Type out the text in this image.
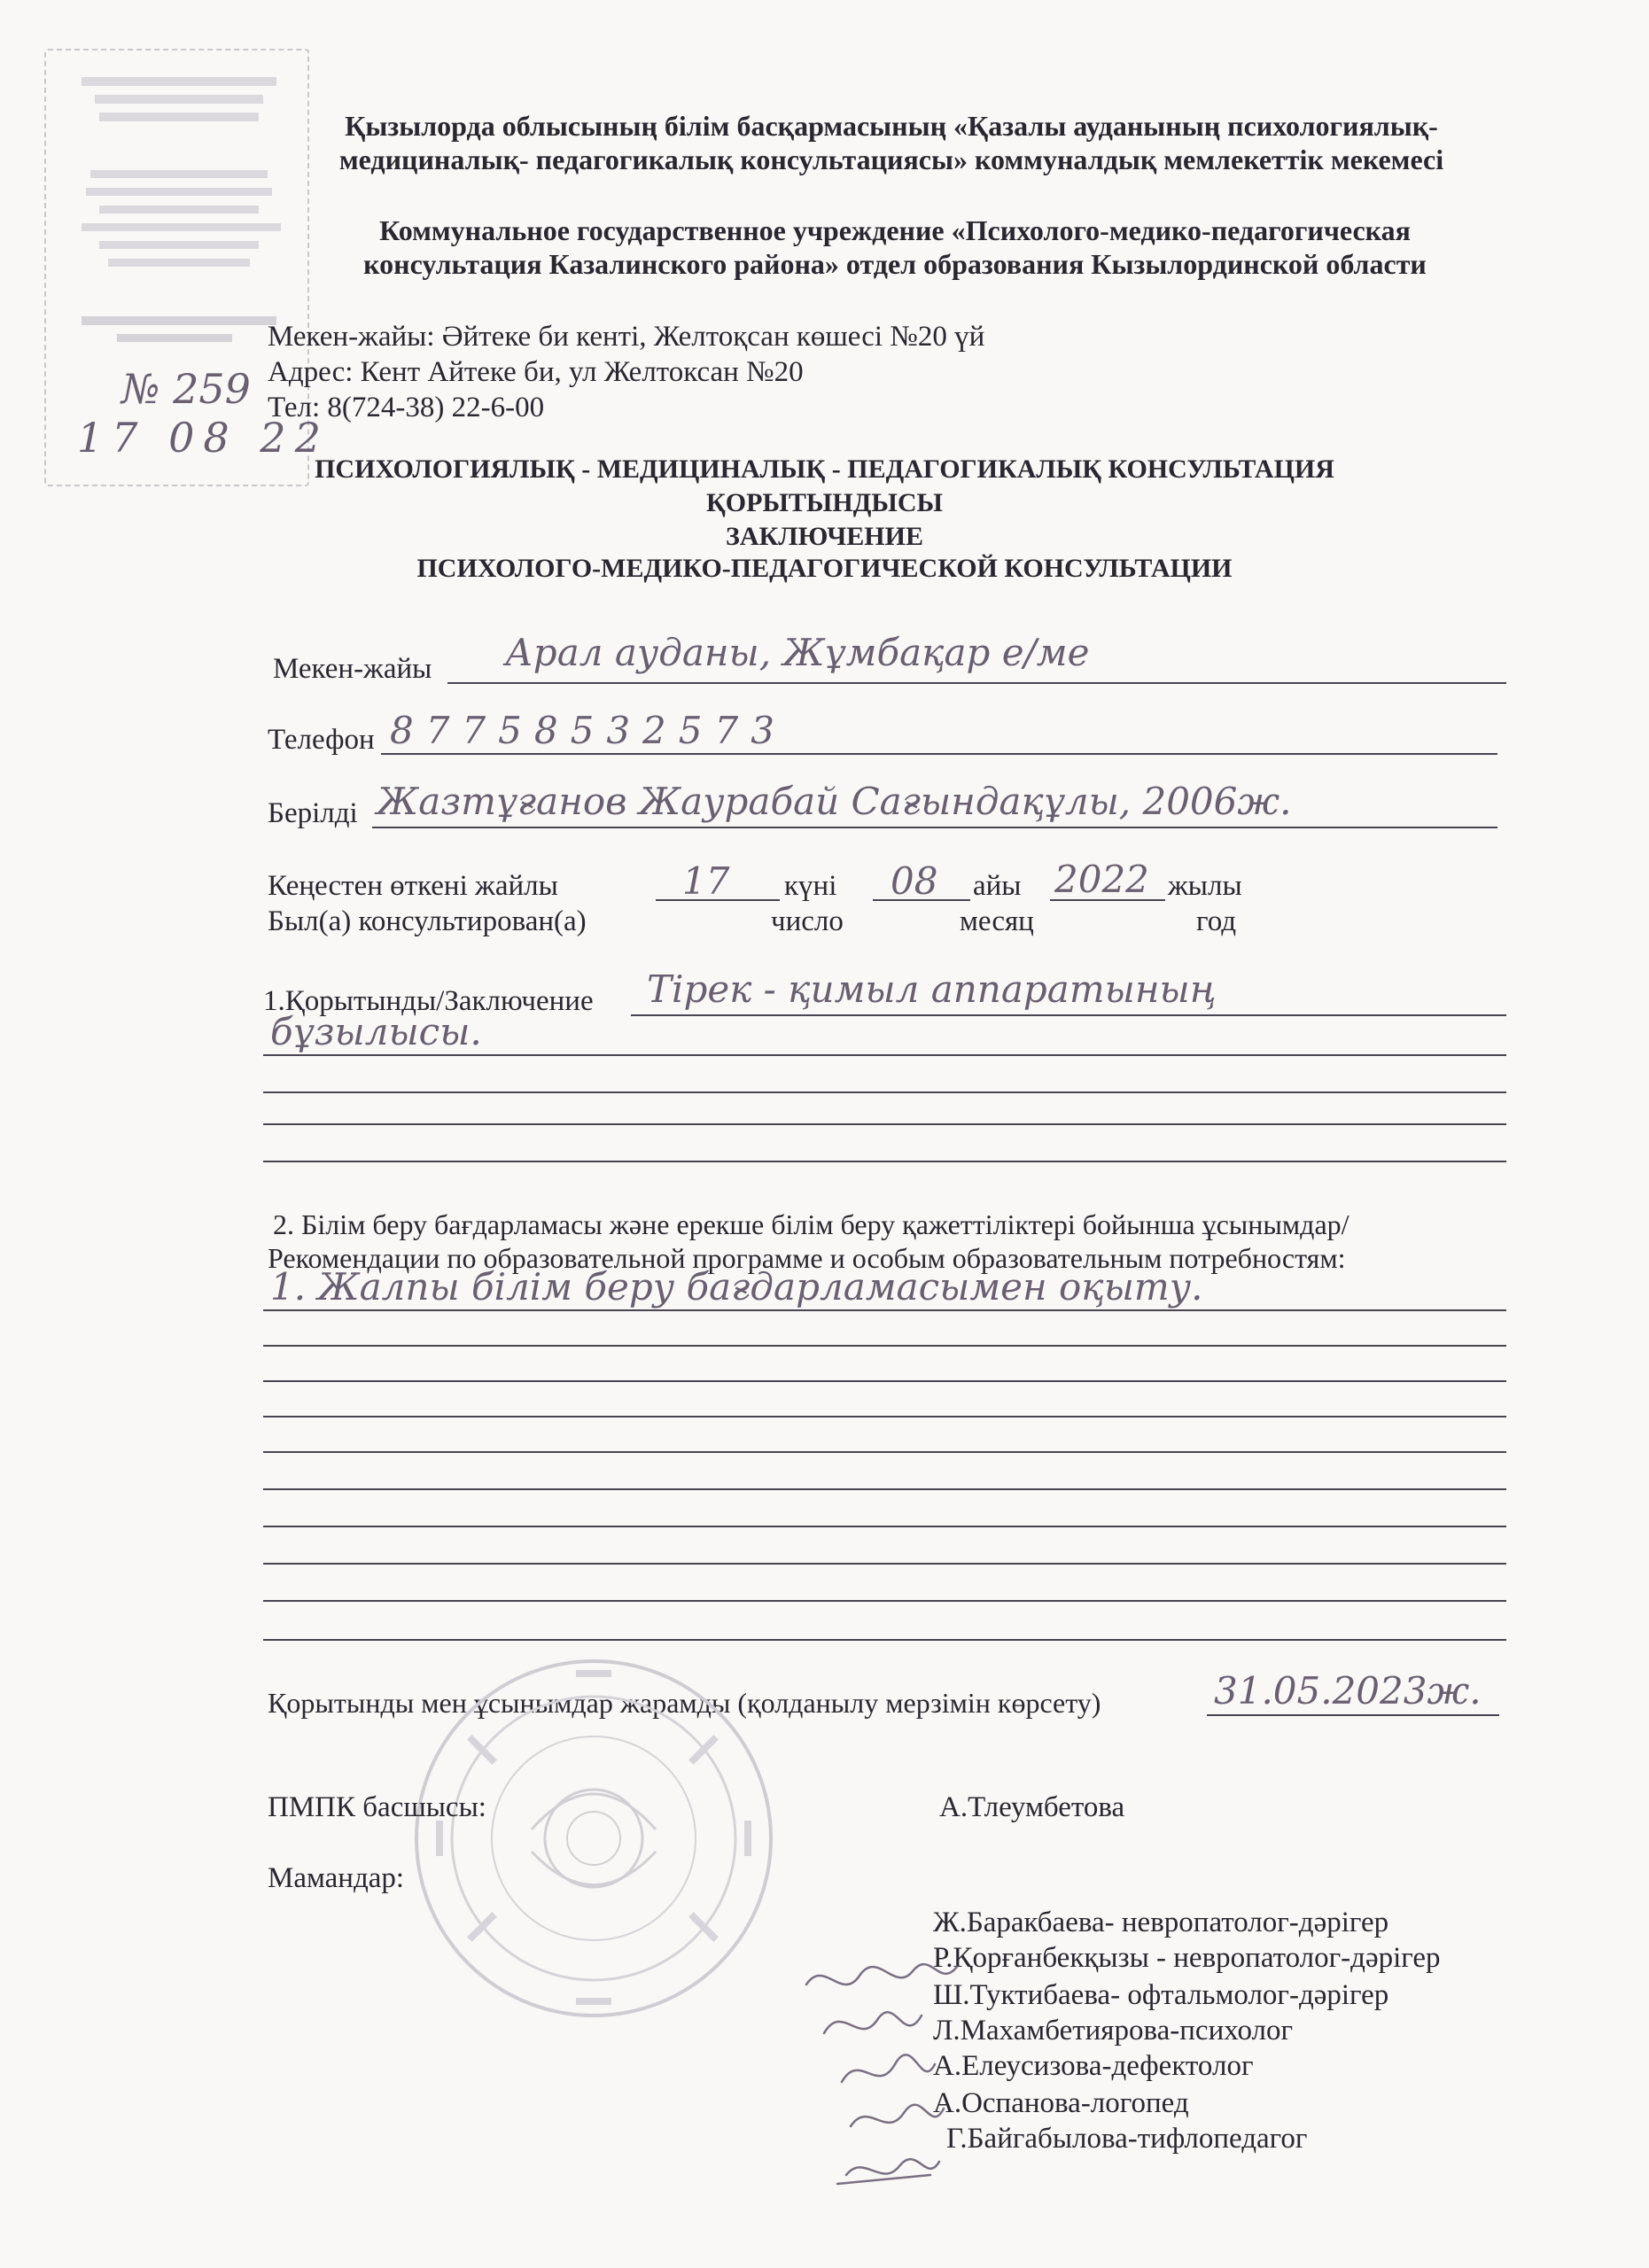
№ 259
17 08 22
Қызылорда облысының білім басқармасының «Қазалы ауданының психологиялық-
медициналық- педагогикалық консультациясы» коммуналдық мемлекеттік мекемесі
Коммунальное государственное учреждение «Психолого-медико-педагогическая
консультация Казалинского района» отдел образования Кызылординской области
Мекен-жайы: Әйтеке би кенті, Желтоқсан көшесі №20 үй
Адрес: Кент Айтеке би, ул Желтоксан №20
Тел: 8(724-38) 22-6-00
ПСИХОЛОГИЯЛЫҚ - МЕДИЦИНАЛЫҚ - ПЕДАГОГИКАЛЫҚ КОНСУЛЬТАЦИЯ
ҚОРЫТЫНДЫСЫ
ЗАКЛЮЧЕНИЕ
ПСИХОЛОГО-МЕДИКО-ПЕДАГОГИЧЕСКОЙ КОНСУЛЬТАЦИИ
Мекен-жайы Арал ауданы, Жұмбақар е/ме
Телефон 87758532573
Берілді Жазтұғанов Жаурабай Сағындақұлы, 2006ж.
Кеңестен өткені жайлы
Был(а) консультирован(а)
17 күні
число
08 айы
месяц
2022 жылы
год
1.Қорытынды/Заключение Тірек - қимыл аппаратының
бұзылысы.
2. Білім беру бағдарламасы және ерекше білім беру қажеттіліктері бойынша ұсынымдар/
Рекомендации по образовательной программе и особым образовательным потребностям:
1. Жалпы білім беру бағдарламасымен оқыту.
Қорытынды мен ұсынымдар жарамды (қолданылу мерзімін көрсету)	31.05.2023ж.
ПМПК басшысы:	А.Тлеумбетова
Мамандар:
Ж.Баракбаева- невропатолог-дәрігер
Р.Қорғанбекқызы - невропатолог-дәрігер
Ш.Туктибаева- офтальмолог-дәрігер
Л.Махамбетиярова-психолог
А.Елеусизова-дефектолог
А.Оспанова-логопед
Г.Байгабылова-тифлопедагог
